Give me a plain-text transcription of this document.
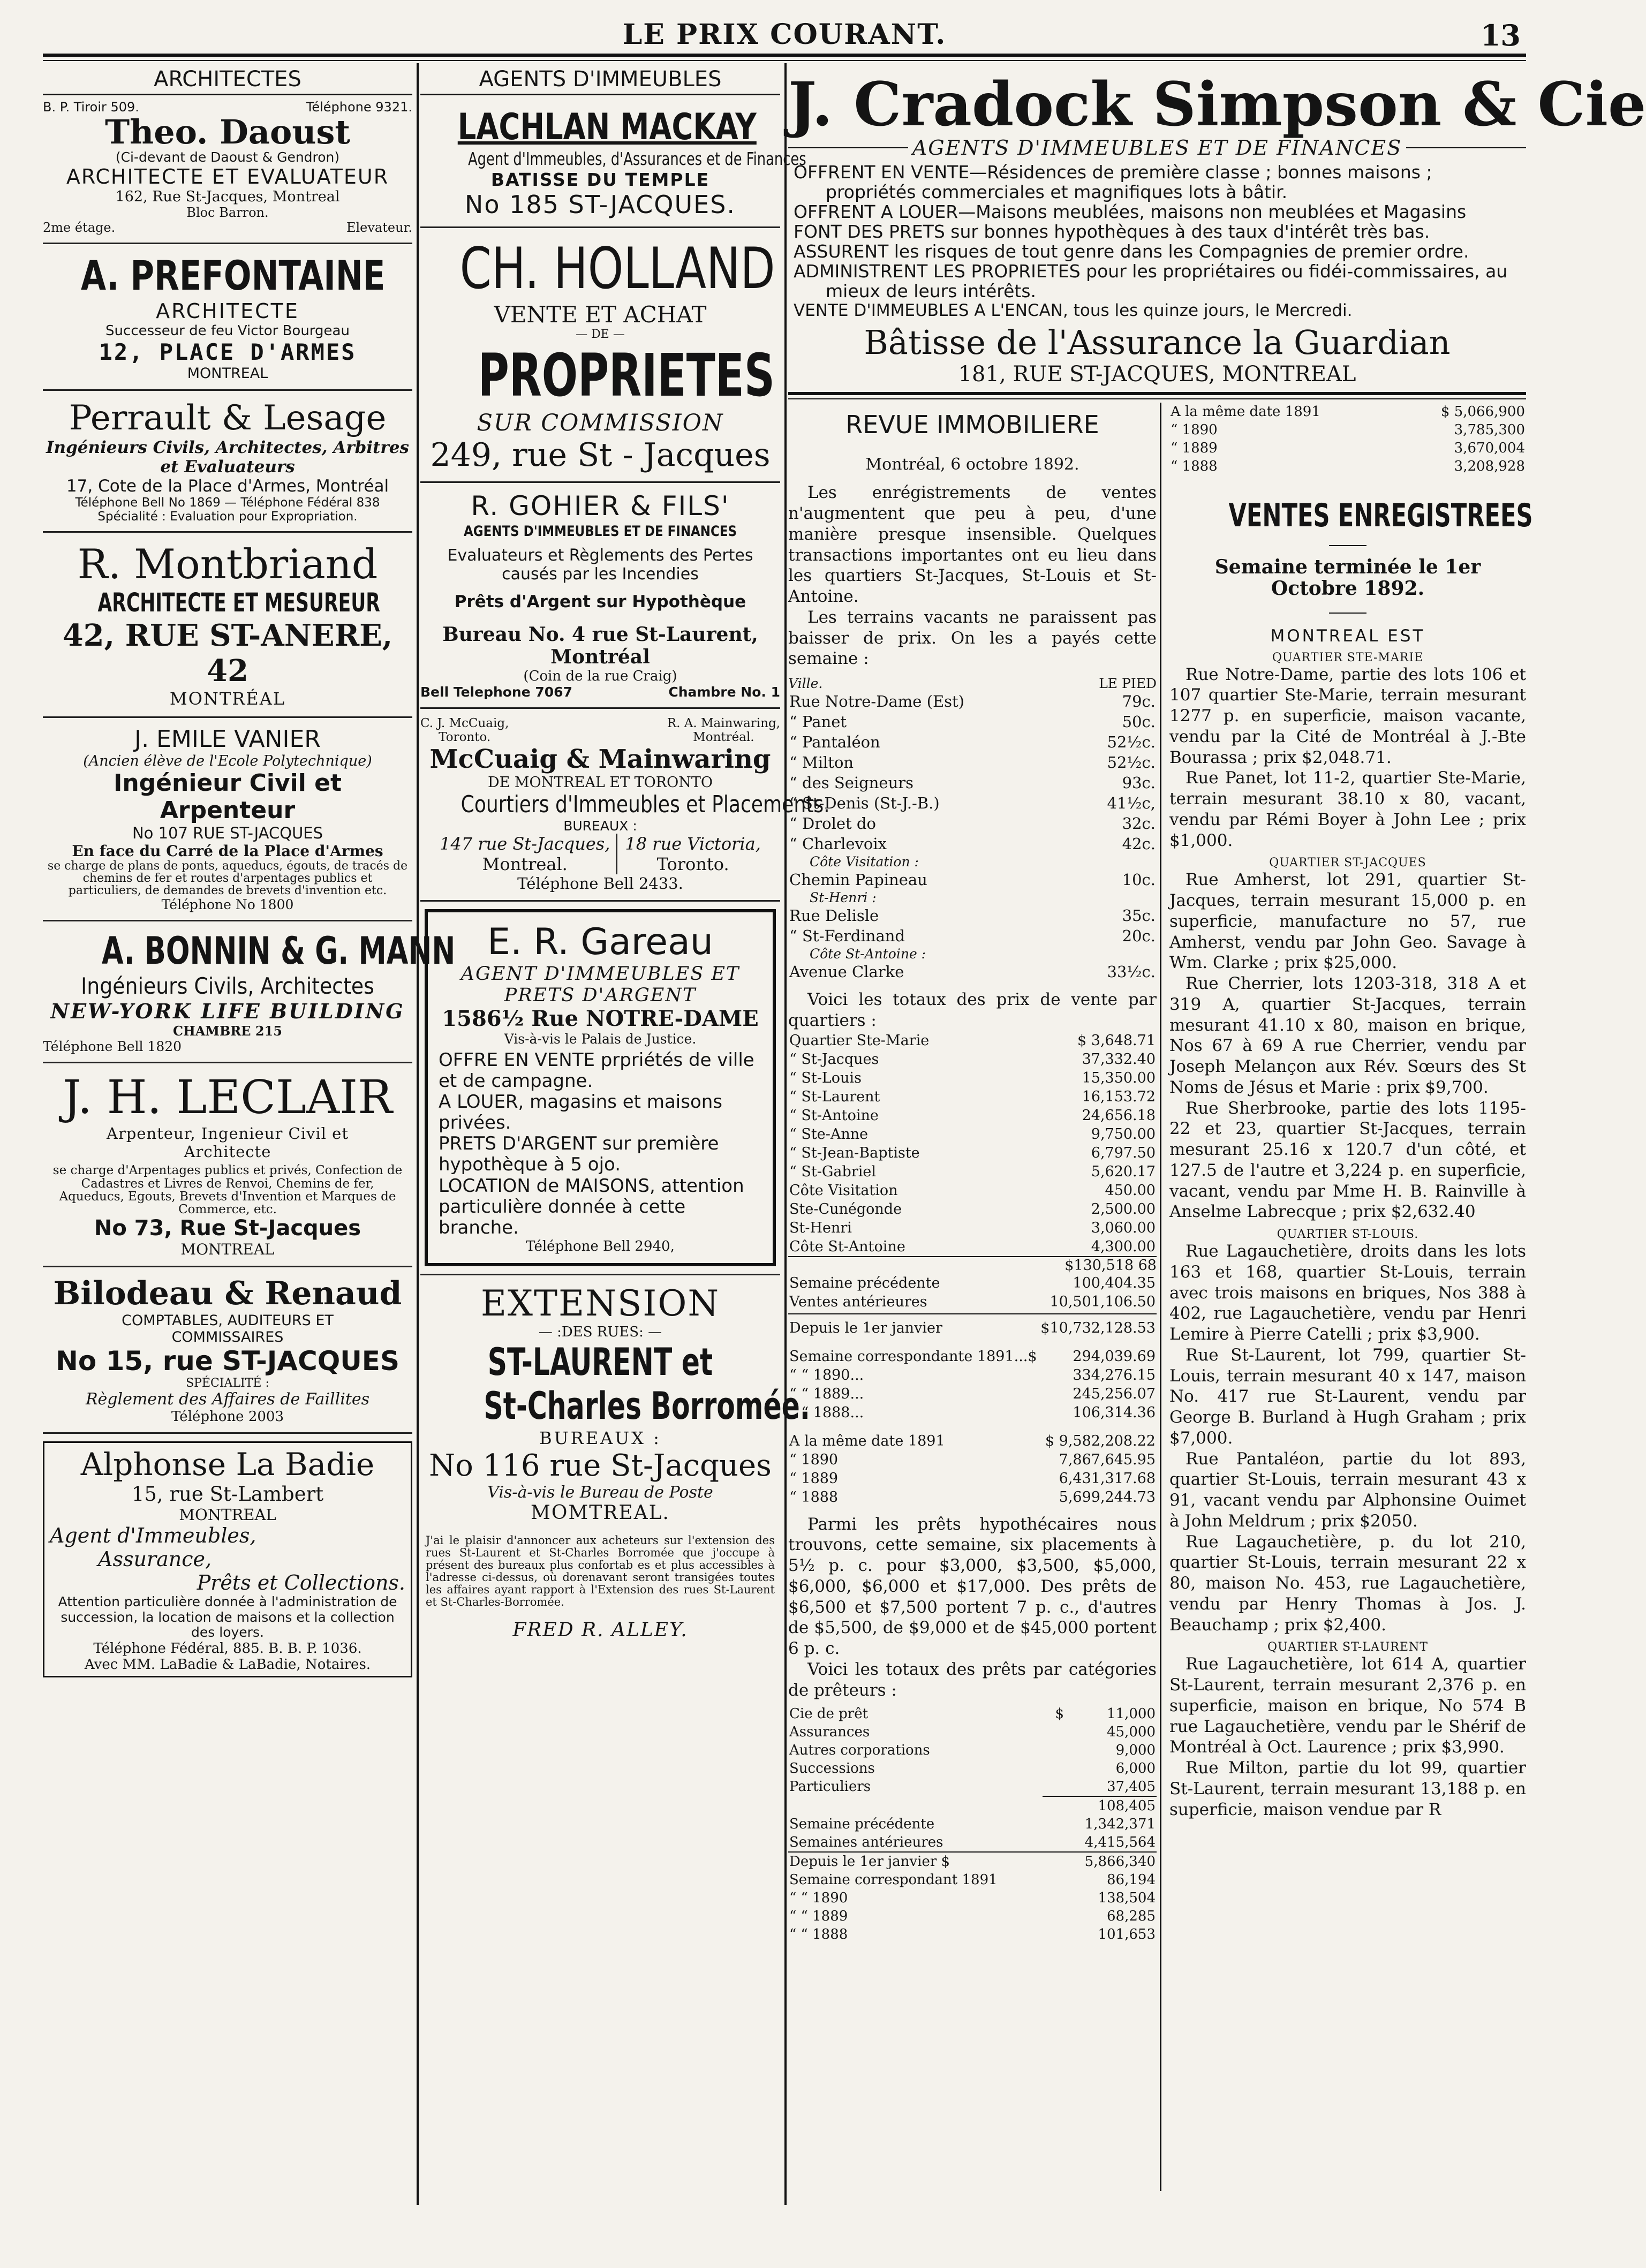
LE PRIX COURANT.	13
ARCHITECTES
B. P. Tiroir 509.	Téléphone 9321.
Theo. Daoust
(Ci-devant de Daoust & Gendron)
ARCHITECTE ET EVALUATEUR
162, Rue St-Jacques, Montreal
Bloc Barron.
2me étage.	Elevateur.
A. PREFONTAINE
ARCHITECTE
Successeur de feu Victor Bourgeau
12, PLACE D'ARMES
MONTREAL
Perrault & Lesage
Ingénieurs Civils, Architectes, Arbitres
et Evaluateurs
17, Cote de la Place d'Armes, Montréal
Téléphone Bell No 1869 — Téléphone Fédéral 838
Spécialité : Evaluation pour Expropriation.
R. Montbriand
ARCHITECTE ET MESUREUR
42, RUE ST-ANERE, 42
MONTRÉAL
J. EMILE VANIER
(Ancien élève de l'Ecole Polytechnique)
Ingénieur Civil et Arpenteur
No 107 RUE ST-JACQUES
En face du Carré de la Place d'Armes
se charge de plans de ponts, aqueducs, égouts, de tracés de chemins de fer et routes d'arpentages publics et particuliers, de demandes de brevets d'invention etc.
Téléphone No 1800
A. BONNIN & G. MANN
Ingénieurs Civils, Architectes
NEW-YORK LIFE BUILDING
CHAMBRE 215
Téléphone Bell 1820
J. H. LECLAIR
Arpenteur, Ingenieur Civil et
Architecte
se charge d'Arpentages publics et privés, Confection de Cadastres et Livres de Renvoi, Chemins de fer, Aqueducs, Egouts, Brevets d'Invention et Marques de Commerce, etc.
No 73, Rue St-Jacques
MONTREAL
Bilodeau & Renaud
COMPTABLES, AUDITEURS ET
COMMISSAIRES
No 15, rue ST-JACQUES
SPÉCIALITÉ :
Règlement des Affaires de Faillites
Téléphone 2003
Alphonse La Badie
15, rue St-Lambert
MONTREAL
Agent d'Immeubles,
Assurance,
Prêts et Collections.
Attention particulière donnée à l'administration de succession, la location de maisons et la collection des loyers.
Téléphone Fédéral, 885. B. B. P. 1036.
Avec MM. LaBadie & LaBadie, Notaires.
AGENTS D'IMMEUBLES
LACHLAN MACKAY
Agent d'Immeubles, d'Assurances et de Finances
BATISSE DU TEMPLE
No 185 ST-JACQUES.
CH. HOLLAND
VENTE ET ACHAT
— DE —
PROPRIETES
SUR COMMISSION
249, rue St - Jacques
R. GOHIER & FILS'
AGENTS D'IMMEUBLES ET DE FINANCES
Evaluateurs et Règlements des Pertes causés par les Incendies
Prêts d'Argent sur Hypothèque
Bureau No. 4 rue St-Laurent, Montréal
(Coin de la rue Craig)
Bell Telephone 7067	Chambre No. 1
C. J. McCuaig,
Toronto.
R. A. Mainwaring,
Montréal.
McCuaig & Mainwaring
DE MONTREAL ET TORONTO
Courtiers d'Immeubles et Placements.
BUREAUX :
147 rue St-Jacques,
Montreal.
18 rue Victoria,
Toronto.
Téléphone Bell 2433.
E. R. Gareau
AGENT D'IMMEUBLES ET
PRETS D'ARGENT
1586½ Rue NOTRE-DAME
Vis-à-vis le Palais de Justice.
OFFRE EN VENTE prpriétés de ville et de campagne.
A LOUER, magasins et maisons privées.
PRETS D'ARGENT sur première hypothèque à 5 ojo.
LOCATION de MAISONS, attention particulière donnée à cette branche.
Téléphone Bell 2940,
EXTENSION
— :DES RUES: —
ST-LAURENT et
St-Charles Borromée.
BUREAUX :
No 116 rue St-Jacques
Vis-à-vis le Bureau de Poste
MOMTREAL.
J'ai le plaisir d'annoncer aux acheteurs sur l'extension des rues St-Laurent et St-Charles Borromée que j'occupe à présent des bureaux plus confortab es et plus accessibles à l'adresse ci-dessus, où dorenavant seront transigées toutes les affaires ayant rapport à l'Extension des rues St-Laurent et St-Charles-Borromée.
FRED R. ALLEY.
J. Cradock Simpson & Cie
AGENTS D'IMMEUBLES ET DE FINANCES
OFFRENT EN VENTE—Résidences de première classe ; bonnes maisons ; propriétés commerciales et magnifiques lots à bâtir.
OFFRENT A LOUER—Maisons meublées, maisons non meublées et Magasins
FONT DES PRETS sur bonnes hypothèques à des taux d'intérêt très bas.
ASSURENT les risques de tout genre dans les Compagnies de premier ordre.
ADMINISTRENT LES PROPRIETES pour les propriétaires ou fidéi-commissaires, au mieux de leurs intérêts.
VENTE D'IMMEUBLES A L'ENCAN, tous les quinze jours, le Mercredi.
Bâtisse de l'Assurance la Guardian
181, RUE ST-JACQUES, MONTREAL
REVUE IMMOBILIERE
Montréal, 6 octobre 1892.
Les enrégistrements de ventes n'augmentent que peu à peu, d'une manière presque insensible. Quelques transactions importantes ont eu lieu dans les quartiers St-Jacques, St-Louis et St-Antoine.
Les terrains vacants ne paraissent pas baisser de prix. On les a payés cette semaine :
Ville.	LE PIED
Rue Notre-Dame (Est)	79c.
“ Panet	50c.
“ Pantaléon	52½c.
“ Milton	52½c.
“ des Seigneurs	93c.
“ St-Denis (St-J.-B.)	41½c,
“ Drolet do	32c.
“ Charlevoix	42c.
Côte Visitation :
Chemin Papineau	10c.
St-Henri :
Rue Delisle	35c.
“ St-Ferdinand	20c.
Côte St-Antoine :
Avenue Clarke	33½c.
Voici les totaux des prix de vente par quartiers :
Quartier Ste-Marie	$ 3,648.71
“ St-Jacques	37,332.40
“ St-Louis	15,350.00
“ St-Laurent	16,153.72
“ St-Antoine	24,656.18
“ Ste-Anne	9,750.00
“ St-Jean-Baptiste	6,797.50
“ St-Gabriel	5,620.17
Côte Visitation	450.00
Ste-Cunégonde	2,500.00
St-Henri	3,060.00
Côte St-Antoine	4,300.00
$130,518 68
Semaine précédente	100,404.35
Ventes antérieures	10,501,106.50
Depuis le 1er janvier	$10,732,128.53
Semaine correspondante 1891...$	294,039.69
“ “ 1890...	334,276.15
“ “ 1889...	245,256.07
“ “ 1888...	106,314.36
A la même date 1891	$ 9,582,208.22
“ 1890	7,867,645.95
“ 1889	6,431,317.68
“ 1888	5,699,244.73
Parmi les prêts hypothécaires nous trouvons, cette semaine, six placements à 5½ p. c. pour $3,000, $3,500, $5,000, $6,000, $6,000 et $17,000. Des prêts de $6,500 et $7,500 portent 7 p. c., d'autres de $5,500, de $9,000 et de $45,000 portent 6 p. c.
Voici les totaux des prêts par catégories de prêteurs :
Cie de prêt	$	11,000
Assurances		45,000
Autres corporations		9,000
Successions		6,000
Particuliers		37,405
	108,405
Semaine précédente	1,342,371
Semaines antérieures	4,415,564
Depuis le 1er janvier $	5,866,340
Semaine correspondant 1891	86,194
“ “ 1890	138,504
“ “ 1889	68,285
“ “ 1888	101,653
A la même date 1891	$ 5,066,900
“ 1890	3,785,300
“ 1889	3,670,004
“ 1888	3,208,928
VENTES ENREGISTREES
Semaine terminée le 1er Octobre 1892.
MONTREAL EST
QUARTIER STE-MARIE
Rue Notre-Dame, partie des lots 106 et 107 quartier Ste-Marie, terrain mesurant 1277 p. en superficie, maison vacante, vendu par la Cité de Montréal à J.-Bte Bourassa ; prix $2,048.71.
Rue Panet, lot 11-2, quartier Ste-Marie, terrain mesurant 38.10 x 80, vacant, vendu par Rémi Boyer à John Lee ; prix $1,000.
QUARTIER ST-JACQUES
Rue Amherst, lot 291, quartier St-Jacques, terrain mesurant 15,000 p. en superficie, manufacture no 57, rue Amherst, vendu par John Geo. Savage à Wm. Clarke ; prix $25,000.
Rue Cherrier, lots 1203-318, 318 A et 319 A, quartier St-Jacques, terrain mesurant 41.10 x 80, maison en brique, Nos 67 à 69 A rue Cherrier, vendu par Joseph Melançon aux Rév. Sœurs des St Noms de Jésus et Marie : prix $9,700.
Rue Sherbrooke, partie des lots 1195-22 et 23, quartier St-Jacques, terrain mesurant 25.16 x 120.7 d'un côté, et 127.5 de l'autre et 3,224 p. en superficie, vacant, vendu par Mme H. B. Rainville à Anselme Labrecque ; prix $2,632.40
QUARTIER ST-LOUIS.
Rue Lagauchetière, droits dans les lots 163 et 168, quartier St-Louis, terrain avec trois maisons en briques, Nos 388 à 402, rue Lagauchetière, vendu par Henri Lemire à Pierre Catelli ; prix $3,900.
Rue St-Laurent, lot 799, quartier St-Louis, terrain mesurant 40 x 147, maison No. 417 rue St-Laurent, vendu par George B. Burland à Hugh Graham ; prix $7,000.
Rue Pantaléon, partie du lot 893, quartier St-Louis, terrain mesurant 43 x 91, vacant vendu par Alphonsine Ouimet à John Meldrum ; prix $2050.
Rue Lagauchetière, p. du lot 210, quartier St-Louis, terrain mesurant 22 x 80, maison No. 453, rue Lagauchetière, vendu par Henry Thomas à Jos. J. Beauchamp ; prix $2,400.
QUARTIER ST-LAURENT
Rue Lagauchetière, lot 614 A, quartier St-Laurent, terrain mesurant 2,376 p. en superficie, maison en brique, No 574 B rue Lagauchetière, vendu par le Shérif de Montréal à Oct. Laurence ; prix $3,990.
Rue Milton, partie du lot 99, quartier St-Laurent, terrain mesurant 13,188 p. en superficie, maison vendue par R
